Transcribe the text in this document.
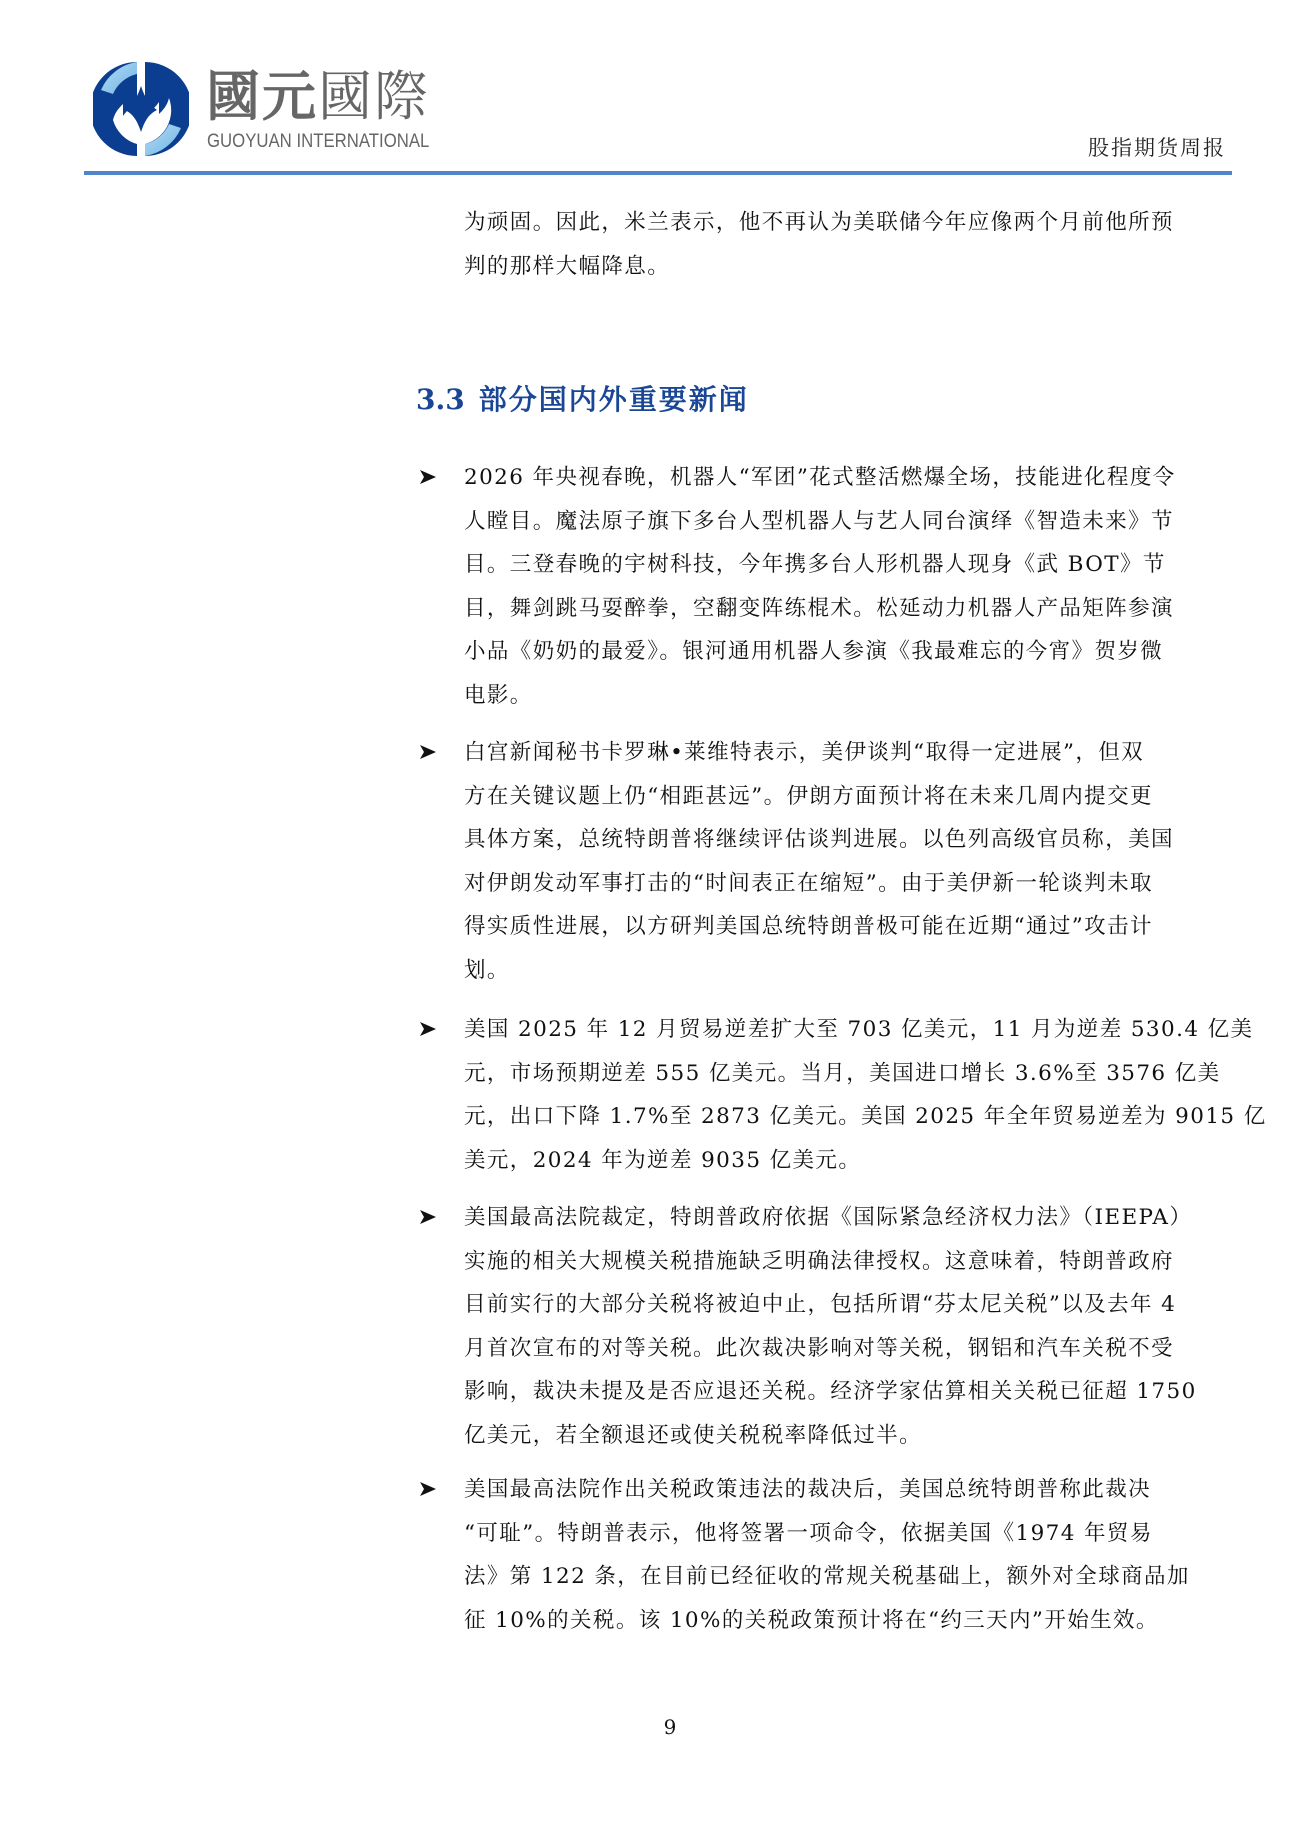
國元國際
GUOYUAN INTERNATIONAL	股指期货周报
为顽固。因此，米兰表示，他不再认为美联储今年应像两个月前他所预
判的那样大幅降息。
3.3 部分国内外重要新闻
2026 年央视春晚，机器人“军团”花式整活燃爆全场，技能进化程度令
人瞠目。魔法原子旗下多台人型机器人与艺人同台演绎《智造未来》节
目。三登春晚的宇树科技，今年携多台人形机器人现身《武 BOT》节
目，舞剑跳马耍醉拳，空翻变阵练棍术。松延动力机器人产品矩阵参演
小品《奶奶的最爱》。银河通用机器人参演《我最难忘的今宵》贺岁微
电影。
白宫新闻秘书卡罗琳•莱维特表示，美伊谈判“取得一定进展”，但双
方在关键议题上仍“相距甚远”。伊朗方面预计将在未来几周内提交更
具体方案，总统特朗普将继续评估谈判进展。以色列高级官员称，美国
对伊朗发动军事打击的“时间表正在缩短”。由于美伊新一轮谈判未取
得实质性进展，以方研判美国总统特朗普极可能在近期“通过”攻击计
划。
美国 2025 年 12 月贸易逆差扩大至 703 亿美元，11 月为逆差 530.4 亿美
元，市场预期逆差 555 亿美元。当月，美国进口增长 3.6%至 3576 亿美
元，出口下降 1.7%至 2873 亿美元。美国 2025 年全年贸易逆差为 9015 亿
美元，2024 年为逆差 9035 亿美元。
美国最高法院裁定，特朗普政府依据《国际紧急经济权力法》（IEEPA）
实施的相关大规模关税措施缺乏明确法律授权。这意味着，特朗普政府
目前实行的大部分关税将被迫中止，包括所谓“芬太尼关税”以及去年 4
月首次宣布的对等关税。此次裁决影响对等关税，钢铝和汽车关税不受
影响，裁决未提及是否应退还关税。经济学家估算相关关税已征超 1750
亿美元，若全额退还或使关税税率降低过半。
美国最高法院作出关税政策违法的裁决后，美国总统特朗普称此裁决
“可耻”。特朗普表示，他将签署一项命令，依据美国《1974 年贸易
法》第 122 条，在目前已经征收的常规关税基础上，额外对全球商品加
征 10%的关税。该 10%的关税政策预计将在“约三天内”开始生效。
9
